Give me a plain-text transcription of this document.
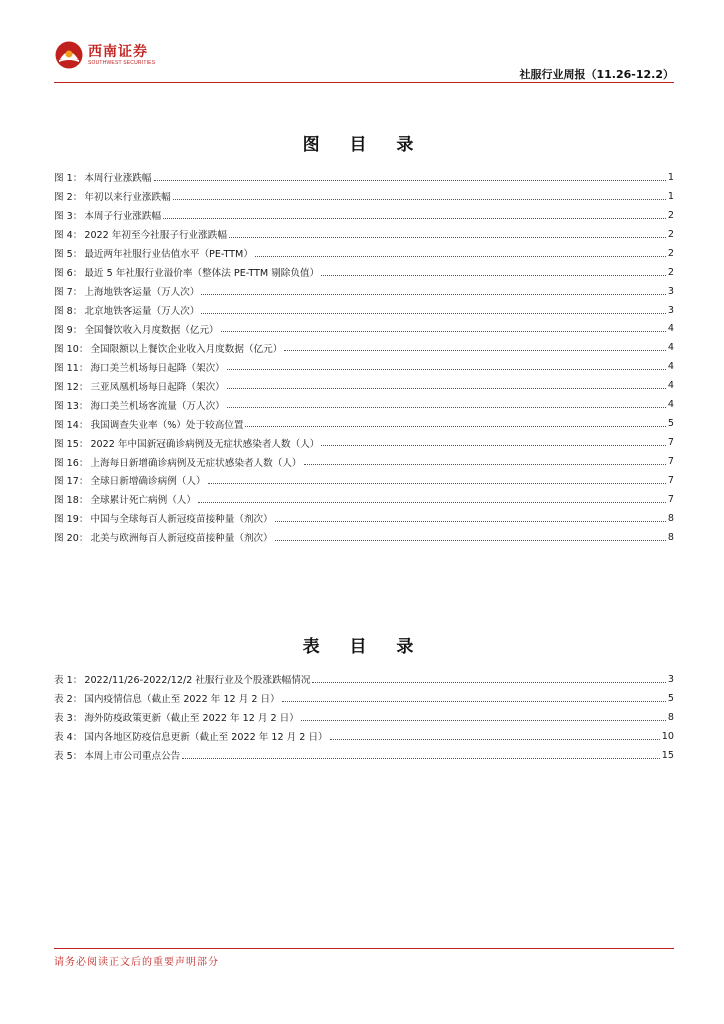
西南证券
SOUTHWEST SECURITIES
社服行业周报（11.26-12.2）
图 目 录
图 1： 本周行业涨跌幅	1
图 2： 年初以来行业涨跌幅	1
图 3： 本周子行业涨跌幅	2
图 4： 2022 年初至今社服子行业涨跌幅	2
图 5： 最近两年社服行业估值水平（PE-TTM）	2
图 6： 最近 5 年社服行业溢价率（整体法 PE-TTM 剔除负值）	2
图 7： 上海地铁客运量（万人次）	3
图 8： 北京地铁客运量（万人次）	3
图 9： 全国餐饮收入月度数据（亿元）	4
图 10： 全国限额以上餐饮企业收入月度数据（亿元）	4
图 11： 海口美兰机场每日起降（架次）	4
图 12： 三亚凤凰机场每日起降（架次）	4
图 13： 海口美兰机场客流量（万人次）	4
图 14： 我国调查失业率（%）处于较高位置	5
图 15： 2022 年中国新冠确诊病例及无症状感染者人数（人）	7
图 16： 上海每日新增确诊病例及无症状感染者人数（人）	7
图 17： 全球日新增确诊病例（人）	7
图 18： 全球累计死亡病例（人）	7
图 19： 中国与全球每百人新冠疫苗接种量（剂次）	8
图 20： 北美与欧洲每百人新冠疫苗接种量（剂次）	8
表 目 录
表 1： 2022/11/26-2022/12/2 社服行业及个股涨跌幅情况	3
表 2： 国内疫情信息（截止至 2022 年 12 月 2 日）	5
表 3： 海外防疫政策更新（截止至 2022 年 12 月 2 日）	8
表 4： 国内各地区防疫信息更新（截止至 2022 年 12 月 2 日）	10
表 5： 本周上市公司重点公告	15
请务必阅读正文后的重要声明部分
